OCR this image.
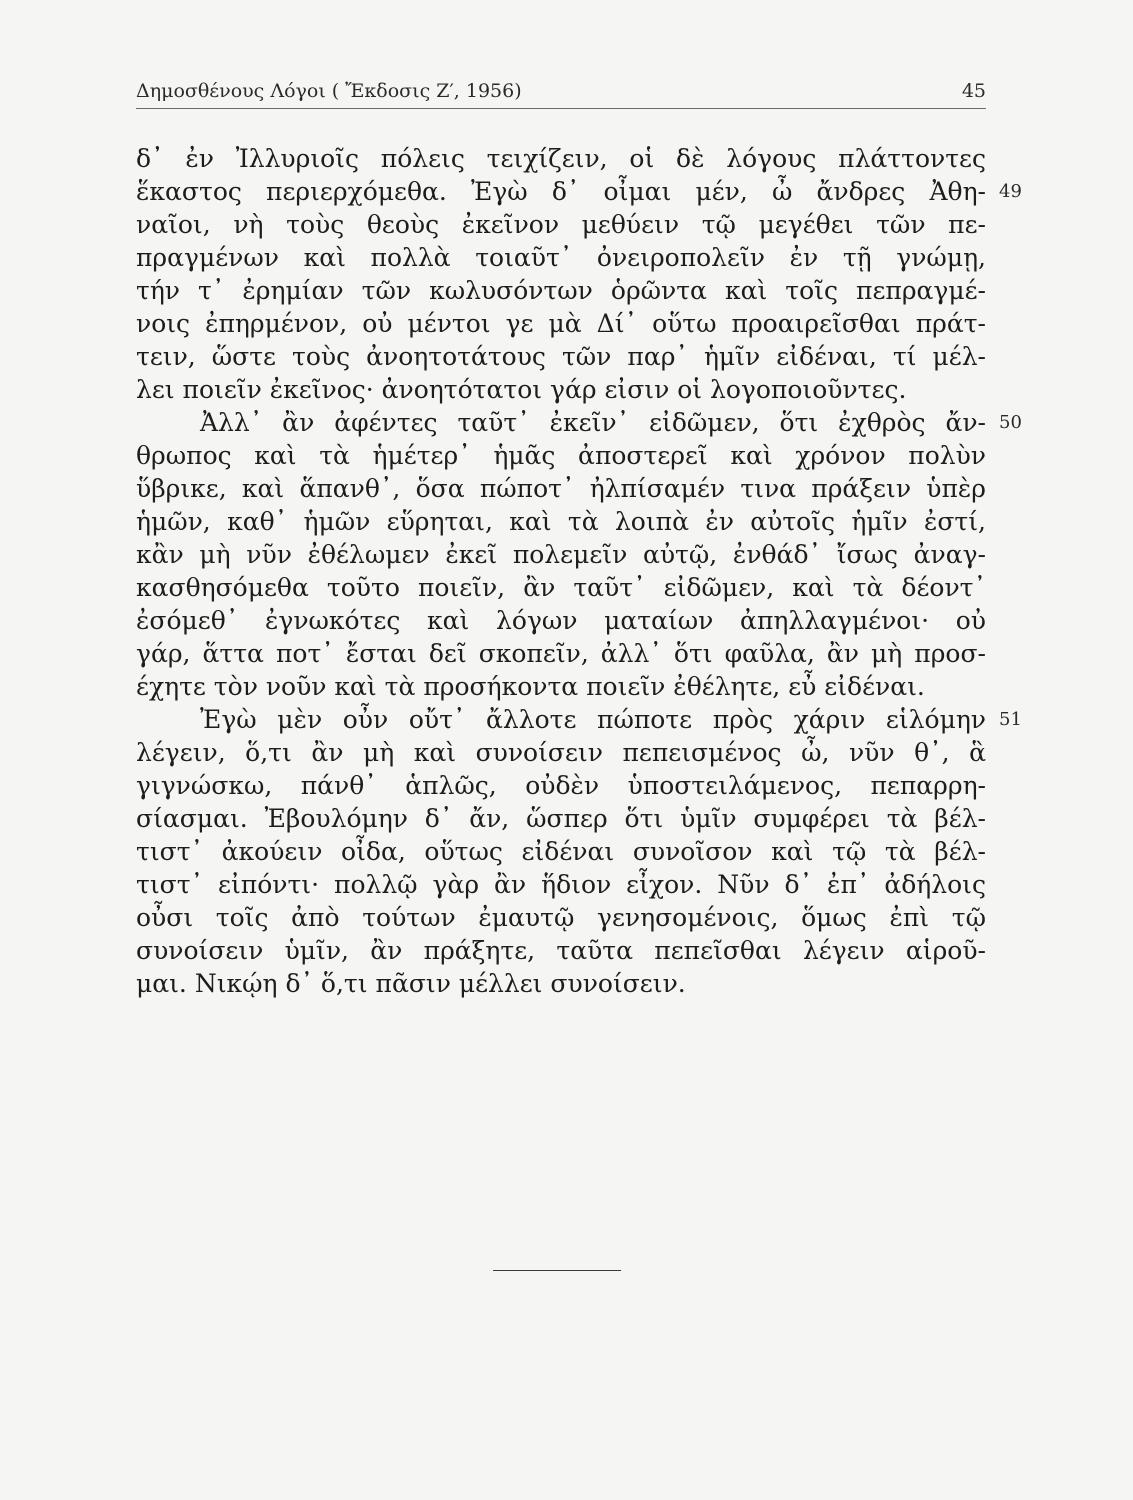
Δημοσθένους Λόγοι ( Ἔκδοσις Ζ′, 1956)	45
δ᾽ ἐν Ἰλλυριοῖς πόλεις τειχίζειν, οἱ δὲ λόγους πλάττοντες
ἕκαστος περιερχόμεθα. Ἐγὼ δ᾽ οἶμαι μέν, ὦ ἄνδρες Ἀθη- 49
ναῖοι, νὴ τοὺς θεοὺς ἐκεῖνον μεθύειν τῷ μεγέθει τῶν πε-
πραγμένων καὶ πολλὰ τοιαῦτ᾽ ὀνειροπολεῖν ἐν τῇ γνώμῃ,
τήν τ᾽ ἐρημίαν τῶν κωλυσόντων ὁρῶντα καὶ τοῖς πεπραγμέ-
νοις ἐπηρμένον, οὐ μέντοι γε μὰ Δί᾽ οὕτω προαιρεῖσθαι πράτ-
τειν, ὥστε τοὺς ἀνοητοτάτους τῶν παρ᾽ ἡμῖν εἰδέναι, τί μέλ-
λει ποιεῖν ἐκεῖνος· ἀνοητότατοι γάρ εἰσιν οἱ λογοποιοῦντες.
Ἀλλ᾽ ἂν ἀφέντες ταῦτ᾽ ἐκεῖν᾽ εἰδῶμεν, ὅτι ἐχθρὸς ἄν- 50
θρωπος καὶ τὰ ἡμέτερ᾽ ἡμᾶς ἀποστερεῖ καὶ χρόνον πολὺν
ὕβρικε, καὶ ἅπανθ᾽, ὅσα πώποτ᾽ ἠλπίσαμέν τινα πράξειν ὑπὲρ
ἡμῶν, καθ᾽ ἡμῶν εὕρηται, καὶ τὰ λοιπὰ ἐν αὐτοῖς ἡμῖν ἐστί,
κἂν μὴ νῦν ἐθέλωμεν ἐκεῖ πολεμεῖν αὐτῷ, ἐνθάδ᾽ ἴσως ἀναγ-
κασθησόμεθα τοῦτο ποιεῖν, ἂν ταῦτ᾽ εἰδῶμεν, καὶ τὰ δέοντ᾽
ἐσόμεθ᾽ ἐγνωκότες καὶ λόγων ματαίων ἀπηλλαγμένοι· οὐ
γάρ, ἅττα ποτ᾽ ἔσται δεῖ σκοπεῖν, ἀλλ᾽ ὅτι φαῦλα, ἂν μὴ προσ-
έχητε τὸν νοῦν καὶ τὰ προσήκοντα ποιεῖν ἐθέλητε, εὖ εἰδέναι.
Ἐγὼ μὲν οὖν οὔτ᾽ ἄλλοτε πώποτε πρὸς χάριν εἱλόμην 51
λέγειν, ὅ,τι ἂν μὴ καὶ συνοίσειν πεπεισμένος ὦ, νῦν θ᾽, ἃ
γιγνώσκω, πάνθ᾽ ἁπλῶς, οὐδὲν ὑποστειλάμενος, πεπαρρη-
σίασμαι. Ἐβουλόμην δ᾽ ἄν, ὥσπερ ὅτι ὑμῖν συμφέρει τὰ βέλ-
τιστ᾽ ἀκούειν οἶδα, οὕτως εἰδέναι συνοῖσον καὶ τῷ τὰ βέλ-
τιστ᾽ εἰπόντι· πολλῷ γὰρ ἂν ἥδιον εἶχον. Νῦν δ᾽ ἐπ᾽ ἀδήλοις
οὖσι τοῖς ἀπὸ τούτων ἐμαυτῷ γενησομένοις, ὅμως ἐπὶ τῷ
συνοίσειν ὑμῖν, ἂν πράξητε, ταῦτα πεπεῖσθαι λέγειν αἱροῦ-
μαι. Νικῴη δ᾽ ὅ,τι πᾶσιν μέλλει συνοίσειν.
